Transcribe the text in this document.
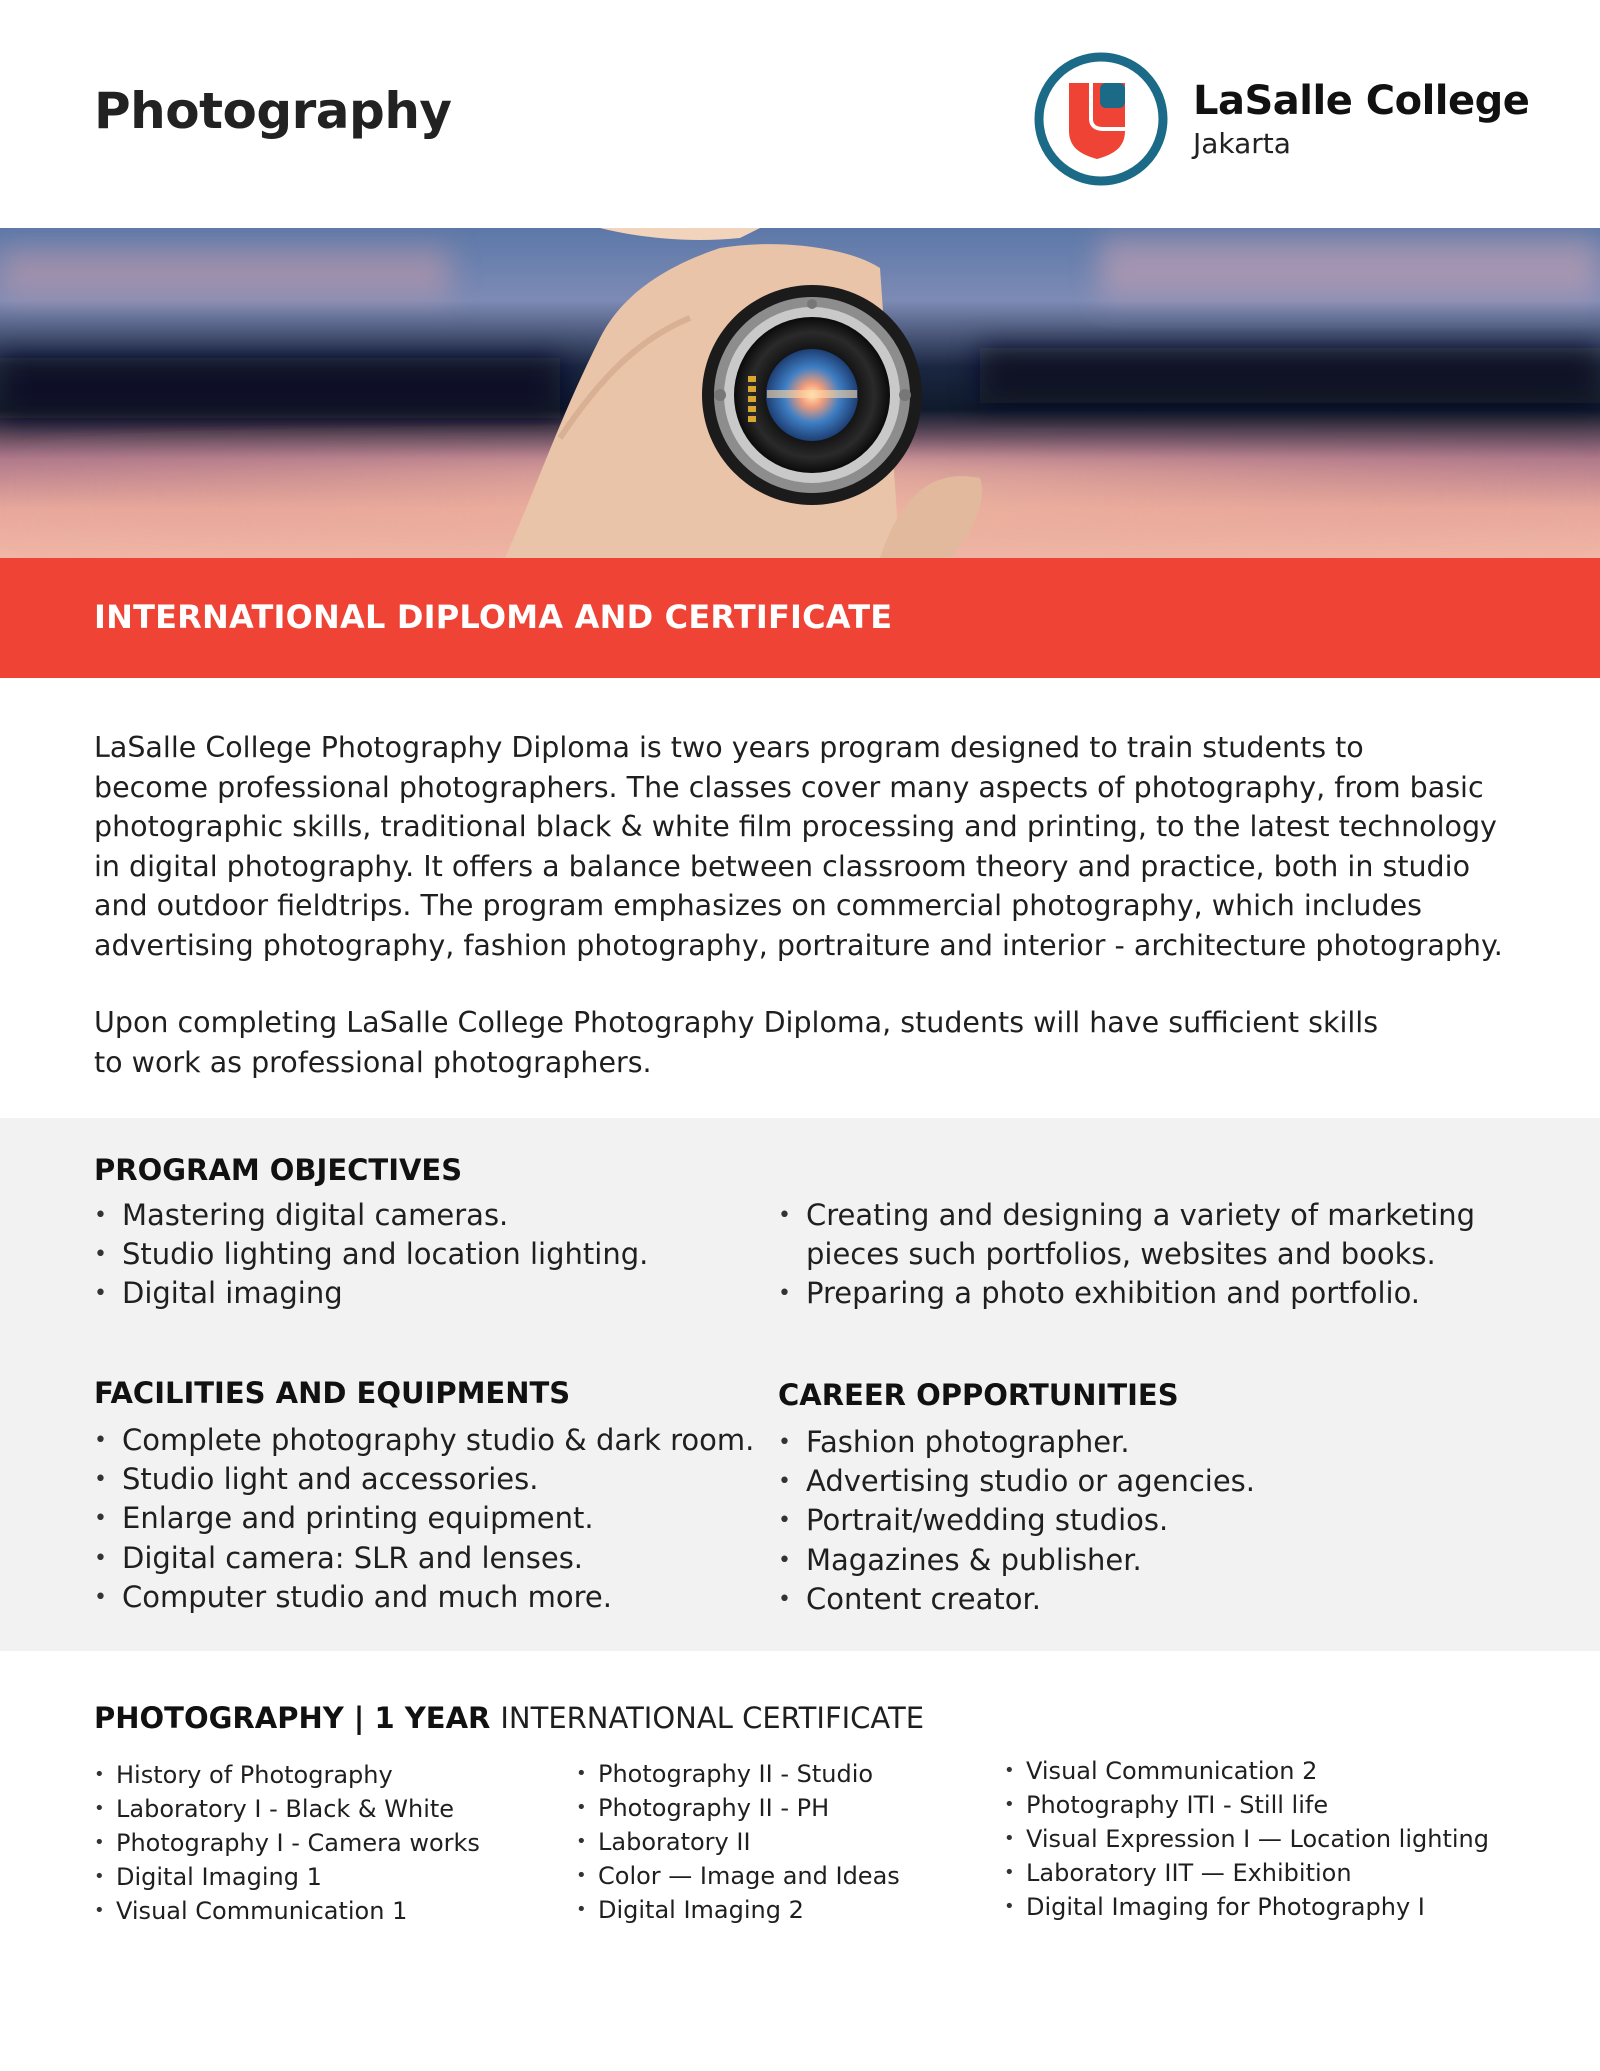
Photography	LaSalle College
Jakarta
INTERNATIONAL DIPLOMA AND CERTIFICATE

LaSalle College Photography Diploma is two years program designed to train students to
become professional photographers. The classes cover many aspects of photography, from basic
photographic skills, traditional black & white film processing and printing, to the latest technology
in digital photography. It offers a balance between classroom theory and practice, both in studio
and outdoor fieldtrips. The program emphasizes on commercial photography, which includes
advertising photography, fashion photography, portraiture and interior - architecture photography.

Upon completing LaSalle College Photography Diploma, students will have sufficient skills
to work as professional photographers.

PROGRAM OBJECTIVES
• Mastering digital cameras.
• Studio lighting and location lighting.
• Digital imaging
• Creating and designing a variety of marketing
pieces such portfolios, websites and books.
• Preparing a photo exhibition and portfolio.
FACILITIES AND EQUIPMENTS
• Complete photography studio & dark room.
• Studio light and accessories.
• Enlarge and printing equipment.
• Digital camera: SLR and lenses.
• Computer studio and much more.
CAREER OPPORTUNITIES
• Fashion photographer.
• Advertising studio or agencies.
• Portrait/wedding studios.
• Magazines & publisher.
• Content creator.
PHOTOGRAPHY | 1 YEAR INTERNATIONAL CERTIFICATE
• History of Photography
• Laboratory I - Black & White
• Photography I - Camera works
• Digital Imaging 1
• Visual Communication 1
• Photography II - Studio
• Photography II - PH
• Laboratory II
• Color — Image and Ideas
• Digital Imaging 2
• Visual Communication 2
• Photography ITI - Still life
• Visual Expression I — Location lighting
• Laboratory IIT — Exhibition
• Digital Imaging for Photography I
